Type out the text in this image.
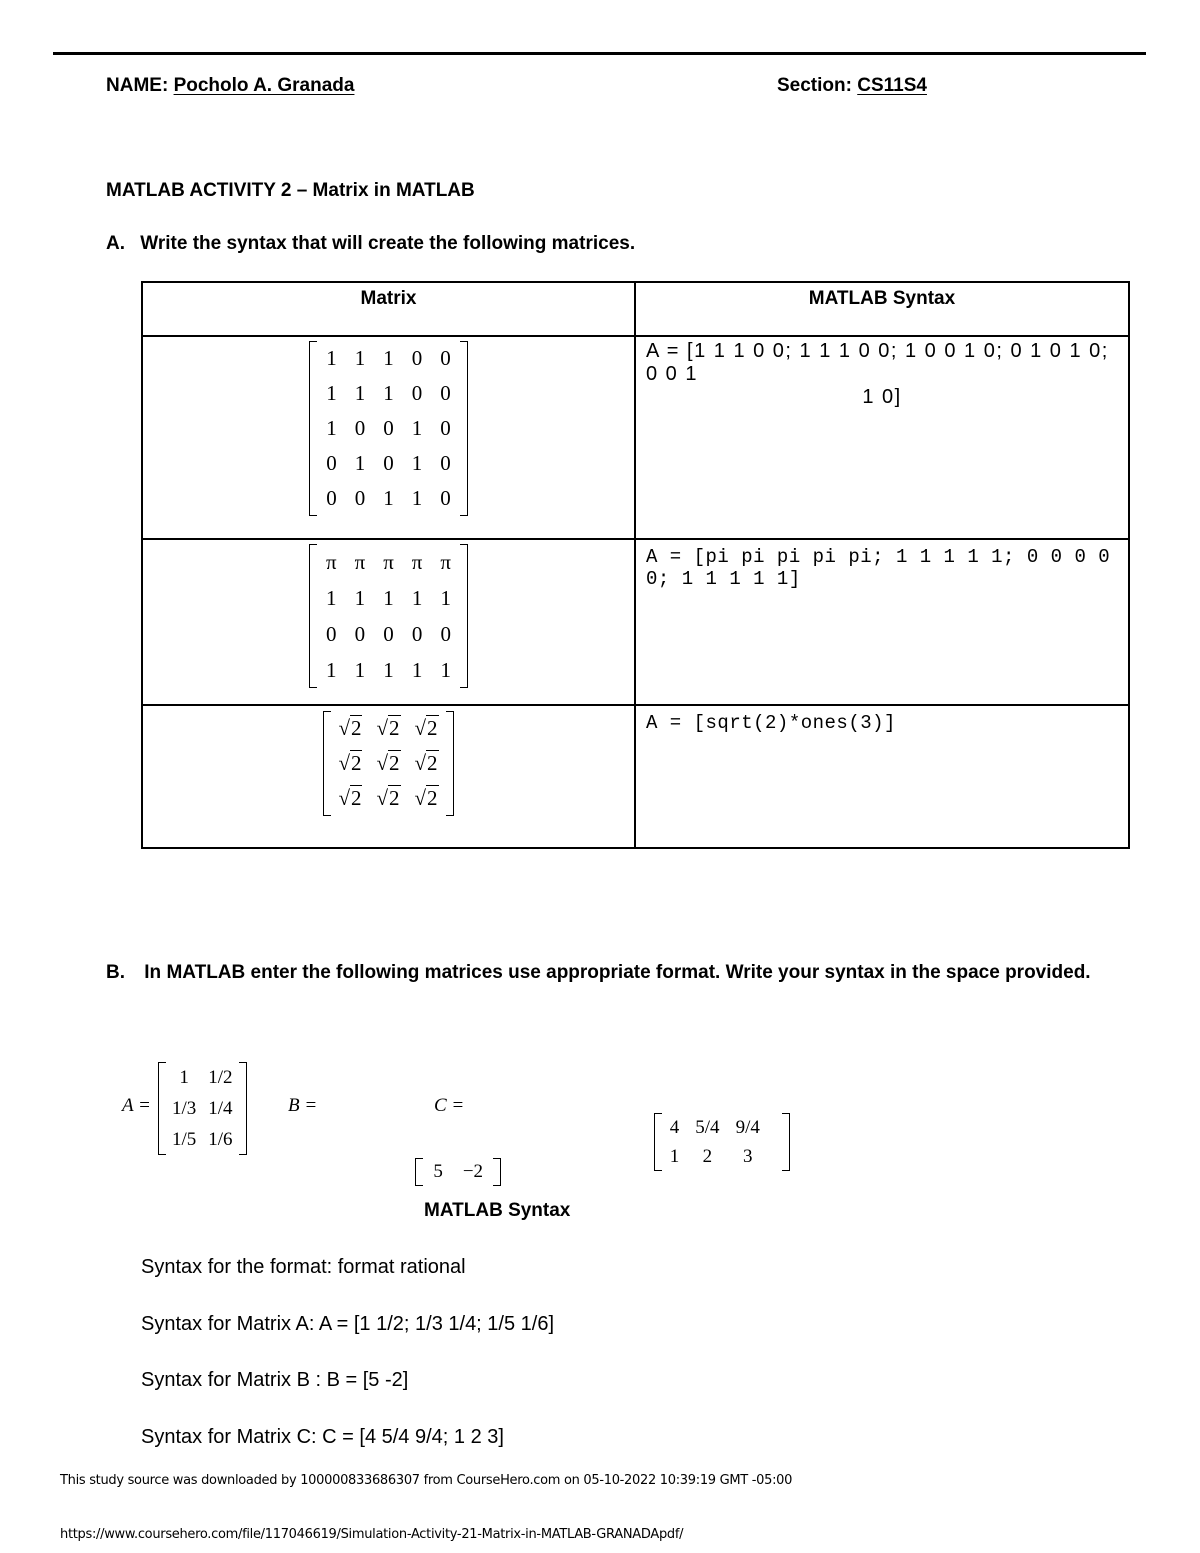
NAME: Pocholo A. Granada	Section: CS11S4
MATLAB ACTIVITY 2 – Matrix in MATLAB
A. Write the syntax that will create the following matrices.
Matrix	MATLAB Syntax

1	1	1	0	0
1	1	1	0	0
1	0	0	1	0
0	1	0	1	0
0	0	1	1	0

A = [1 1 1 0 0; 1 1 1 0 0; 1 0 0 1 0; 0 1 0 1 0; 0 0 1
1 0]

π	π	π	π	π
1	1	1	1	1
0	0	0	0	0
1	1	1	1	1

A = [pi pi pi pi pi; 1 1 1 1 1; 0 0 0 0 0; 1 1 1 1 1]

√2	√2	√2
√2	√2	√2
√2	√2	√2

A = [sqrt(2)*ones(3)]
B. In MATLAB enter the following matrices use appropriate format. Write your syntax in the space provided.
A =
1	1/2
1/3	1/4
1/5	1/6

B =
5	−2

C =
4	5/4	9/4
1	2	3
MATLAB Syntax
Syntax for the format: format rational
Syntax for Matrix A: A = [1 1/2; 1/3 1/4; 1/5 1/6]
Syntax for Matrix B : B = [5 -2]
Syntax for Matrix C: C = [4 5/4 9/4; 1 2 3]
This study source was downloaded by 100000833686307 from CourseHero.com on 05-10-2022 10:39:19 GMT -05:00
https://www.coursehero.com/file/117046619/Simulation-Activity-21-Matrix-in-MATLAB-GRANADApdf/
